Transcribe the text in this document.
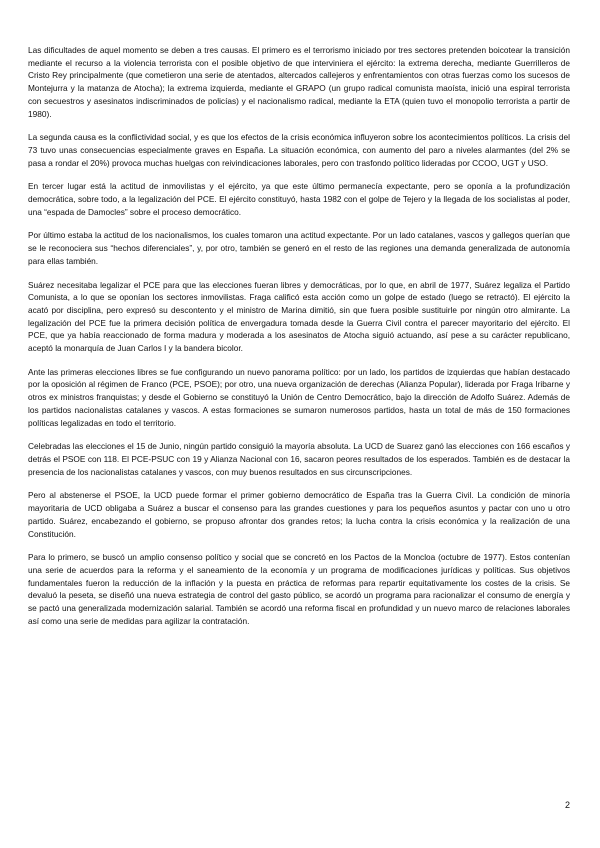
Las dificultades de aquel momento se deben a tres causas. El primero es el terrorismo iniciado por tres sectores pretenden boicotear la transición mediante el recurso a la violencia terrorista con el posible objetivo de que interviniera el ejército: la extrema derecha, mediante Guerrilleros de Cristo Rey principalmente (que cometieron una serie de atentados, altercados callejeros y enfrentamientos con otras fuerzas como los sucesos de Montejurra y la matanza de Atocha); la extrema izquierda, mediante el GRAPO (un grupo radical comunista maoísta, inició una espiral terrorista con secuestros y asesinatos indiscriminados de policías) y el nacionalismo radical, mediante la ETA (quien tuvo el monopolio terrorista a partir de 1980).

La segunda causa es la conflictividad social, y es que los efectos de la crisis económica influyeron sobre los acontecimientos políticos. La crisis del 73 tuvo unas consecuencias especialmente graves en España. La situación económica, con aumento del paro a niveles alarmantes (del 2% se pasa a rondar el 20%) provoca muchas huelgas con reivindicaciones laborales, pero con trasfondo político lideradas por CCOO, UGT y USO.

En tercer lugar está la actitud de inmovilistas y el ejército, ya que este último permanecía expectante, pero se oponía a la profundización democrática, sobre todo, a la legalización del PCE. El ejército constituyó, hasta 1982 con el golpe de Tejero y la llegada de los socialistas al poder, una “espada de Damocles” sobre el proceso democrático.

Por último estaba la actitud de los nacionalismos, los cuales tomaron una actitud expectante. Por un lado catalanes, vascos y gallegos querían que se le reconociera sus “hechos diferenciales”, y, por otro, también se generó en el resto de las regiones una demanda generalizada de autonomía para ellas también.

Suárez necesitaba legalizar el PCE para que las elecciones fueran libres y democráticas, por lo que, en abril de 1977, Suárez legaliza el Partido Comunista, a lo que se oponían los sectores inmovilistas. Fraga calificó esta acción como un golpe de estado (luego se retractó). El ejército la acató por disciplina, pero expresó su descontento y el ministro de Marina dimitió, sin que fuera posible sustituirle por ningún otro almirante. La legalización del PCE fue la primera decisión política de envergadura tomada desde la Guerra Civil contra el parecer mayoritario del ejército. El PCE, que ya había reaccionado de forma madura y moderada a los asesinatos de Atocha siguió actuando, así pese a su carácter republicano, aceptó la monarquía de Juan Carlos I y la bandera bicolor.

Ante las primeras elecciones libres se fue configurando un nuevo panorama político: por un lado, los partidos de izquierdas que habían destacado por la oposición al régimen de Franco (PCE, PSOE); por otro, una nueva organización de derechas (Alianza Popular), liderada por Fraga Iribarne y otros ex ministros franquistas; y desde el Gobierno se constituyó la Unión de Centro Democrático, bajo la dirección de Adolfo Suárez. Además de los partidos nacionalistas catalanes y vascos. A estas formaciones se sumaron numerosos partidos, hasta un total de más de 150 formaciones políticas legalizadas en todo el territorio.

Celebradas las elecciones el 15 de Junio, ningún partido consiguió la mayoría absoluta. La UCD de Suarez ganó las elecciones con 166 escaños y detrás el PSOE con 118. El PCE-PSUC con 19 y Alianza Nacional con 16, sacaron peores resultados de los esperados. También es de destacar la presencia de los nacionalistas catalanes y vascos, con muy buenos resultados en sus circunscripciones.

Pero al abstenerse el PSOE, la UCD puede formar el primer gobierno democrático de España tras la Guerra Civil. La condición de minoría mayoritaria de UCD obligaba a Suárez a buscar el consenso para las grandes cuestiones y para los pequeños asuntos y pactar con uno u otro partido. Suárez, encabezando el gobierno, se propuso afrontar dos grandes retos; la lucha contra la crisis económica y la realización de una Constitución.

Para lo primero, se buscó un amplio consenso político y social que se concretó en los Pactos de la Moncloa (octubre de 1977). Estos contenían una serie de acuerdos para la reforma y el saneamiento de la economía y un programa de modificaciones jurídicas y políticas. Sus objetivos fundamentales fueron la reducción de la inflación y la puesta en práctica de reformas para repartir equitativamente los costes de la crisis. Se devaluó la peseta, se diseñó una nueva estrategia de control del gasto público, se acordó un programa para racionalizar el consumo de energía y se pactó una generalizada modernización salarial. También se acordó una reforma fiscal en profundidad y un nuevo marco de relaciones laborales así como una serie de medidas para agilizar la contratación.

2
